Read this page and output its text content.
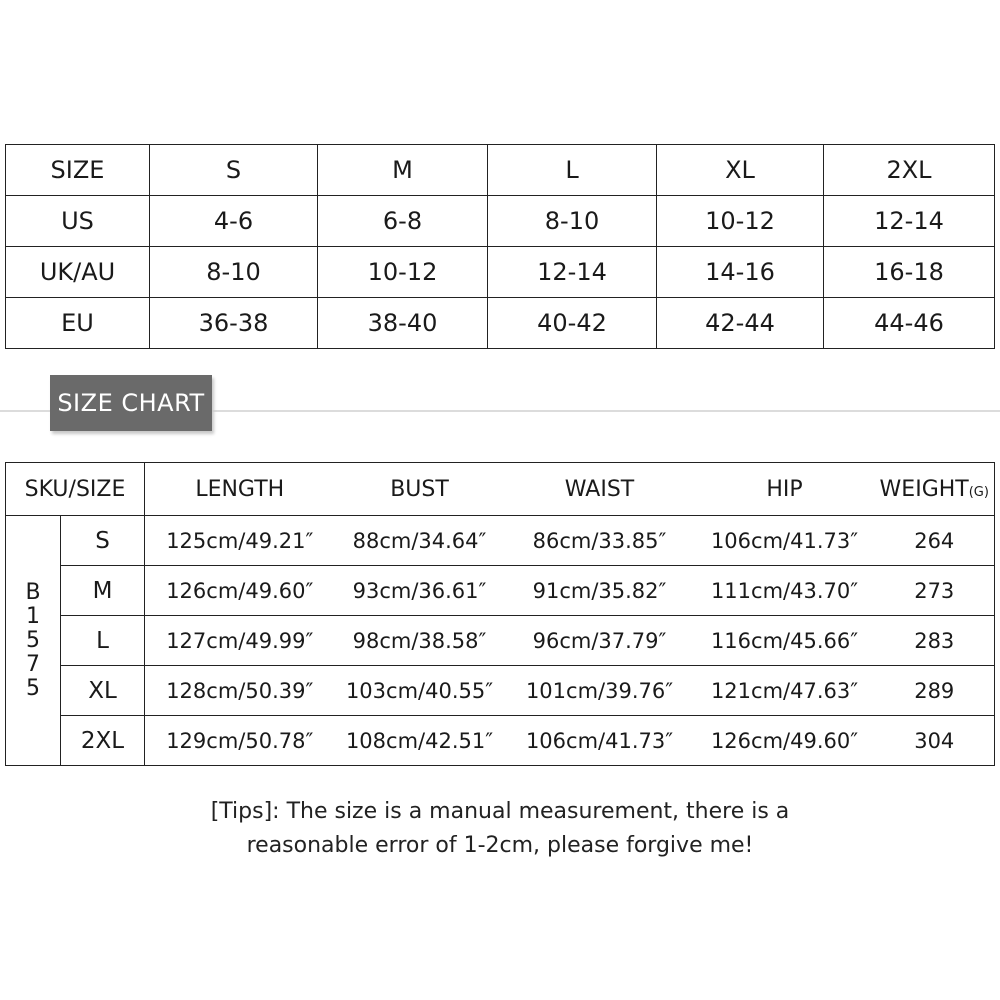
SIZE	S	M	L	XL	2XL
US	4-6	6-8	8-10	10-12	12-14
UK/AU	8-10	10-12	12-14	14-16	16-18
EU	36-38	38-40	40-42	42-44	44-46
SIZE CHART
SKU/SIZE		LENGTH	BUST	WAIST	HIP	WEIGHT(G)

B
1
5
7
5	S	125cm/49.21″	88cm/34.64″	86cm/33.85″	106cm/41.73″	264
	M	126cm/49.60″	93cm/36.61″	91cm/35.82″	111cm/43.70″	273
	L	127cm/49.99″	98cm/38.58″	96cm/37.79″	116cm/45.66″	283
	XL	128cm/50.39″	103cm/40.55″	101cm/39.76″	121cm/47.63″	289
	2XL	129cm/50.78″	108cm/42.51″	106cm/41.73″	126cm/49.60″	304
[Tips]: The size is a manual measurement, there is a
reasonable error of 1-2cm, please forgive me!
